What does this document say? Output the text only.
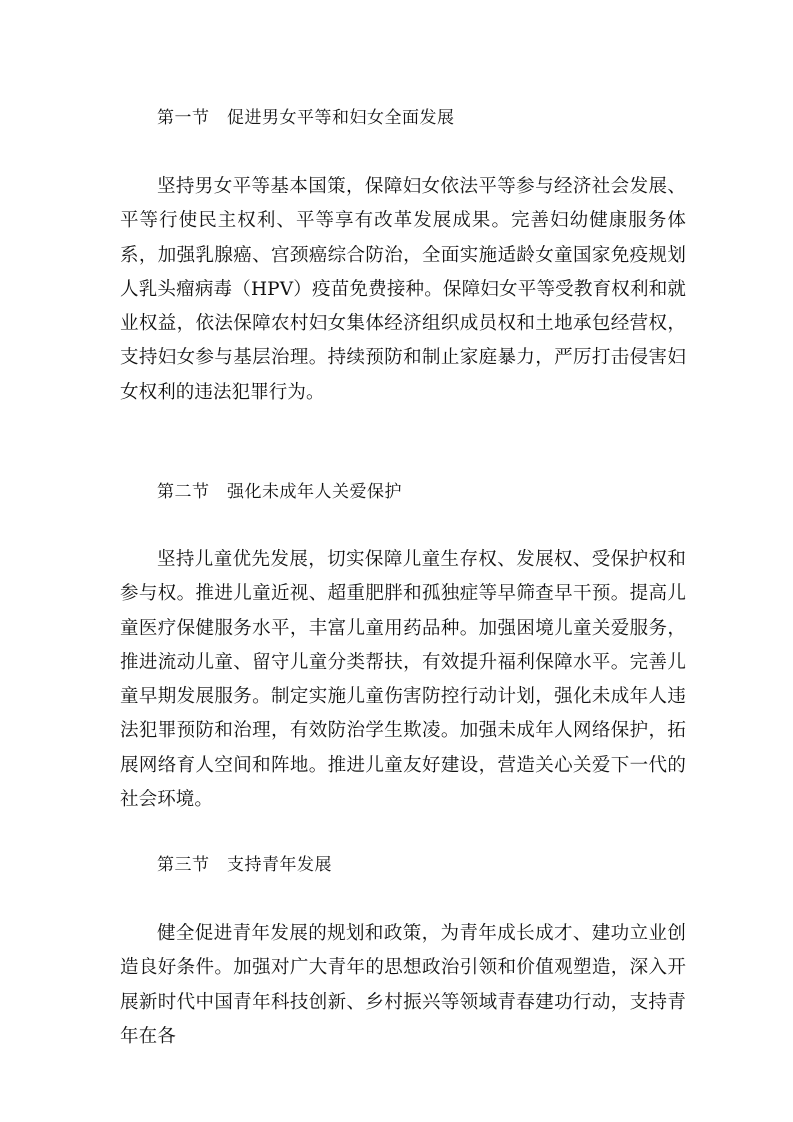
第一节　促进男女平等和妇女全面发展

坚持男女平等基本国策，保障妇女依法平等参与经济社会发展、平等行使民主权利、平等享有改革发展成果。完善妇幼健康服务体系，加强乳腺癌、宫颈癌综合防治，全面实施适龄女童国家免疫规划人乳头瘤病毒（HPV）疫苗免费接种。保障妇女平等受教育权利和就业权益，依法保障农村妇女集体经济组织成员权和土地承包经营权，支持妇女参与基层治理。持续预防和制止家庭暴力，严厉打击侵害妇女权利的违法犯罪行为。

第二节　强化未成年人关爱保护

坚持儿童优先发展，切实保障儿童生存权、发展权、受保护权和参与权。推进儿童近视、超重肥胖和孤独症等早筛查早干预。提高儿童医疗保健服务水平，丰富儿童用药品种。加强困境儿童关爱服务，推进流动儿童、留守儿童分类帮扶，有效提升福利保障水平。完善儿童早期发展服务。制定实施儿童伤害防控行动计划，强化未成年人违法犯罪预防和治理，有效防治学生欺凌。加强未成年人网络保护，拓展网络育人空间和阵地。推进儿童友好建设，营造关心关爱下一代的社会环境。

第三节　支持青年发展

健全促进青年发展的规划和政策，为青年成长成才、建功立业创造良好条件。加强对广大青年的思想政治引领和价值观塑造，深入开展新时代中国青年科技创新、乡村振兴等领域青春建功行动，支持青年在各
